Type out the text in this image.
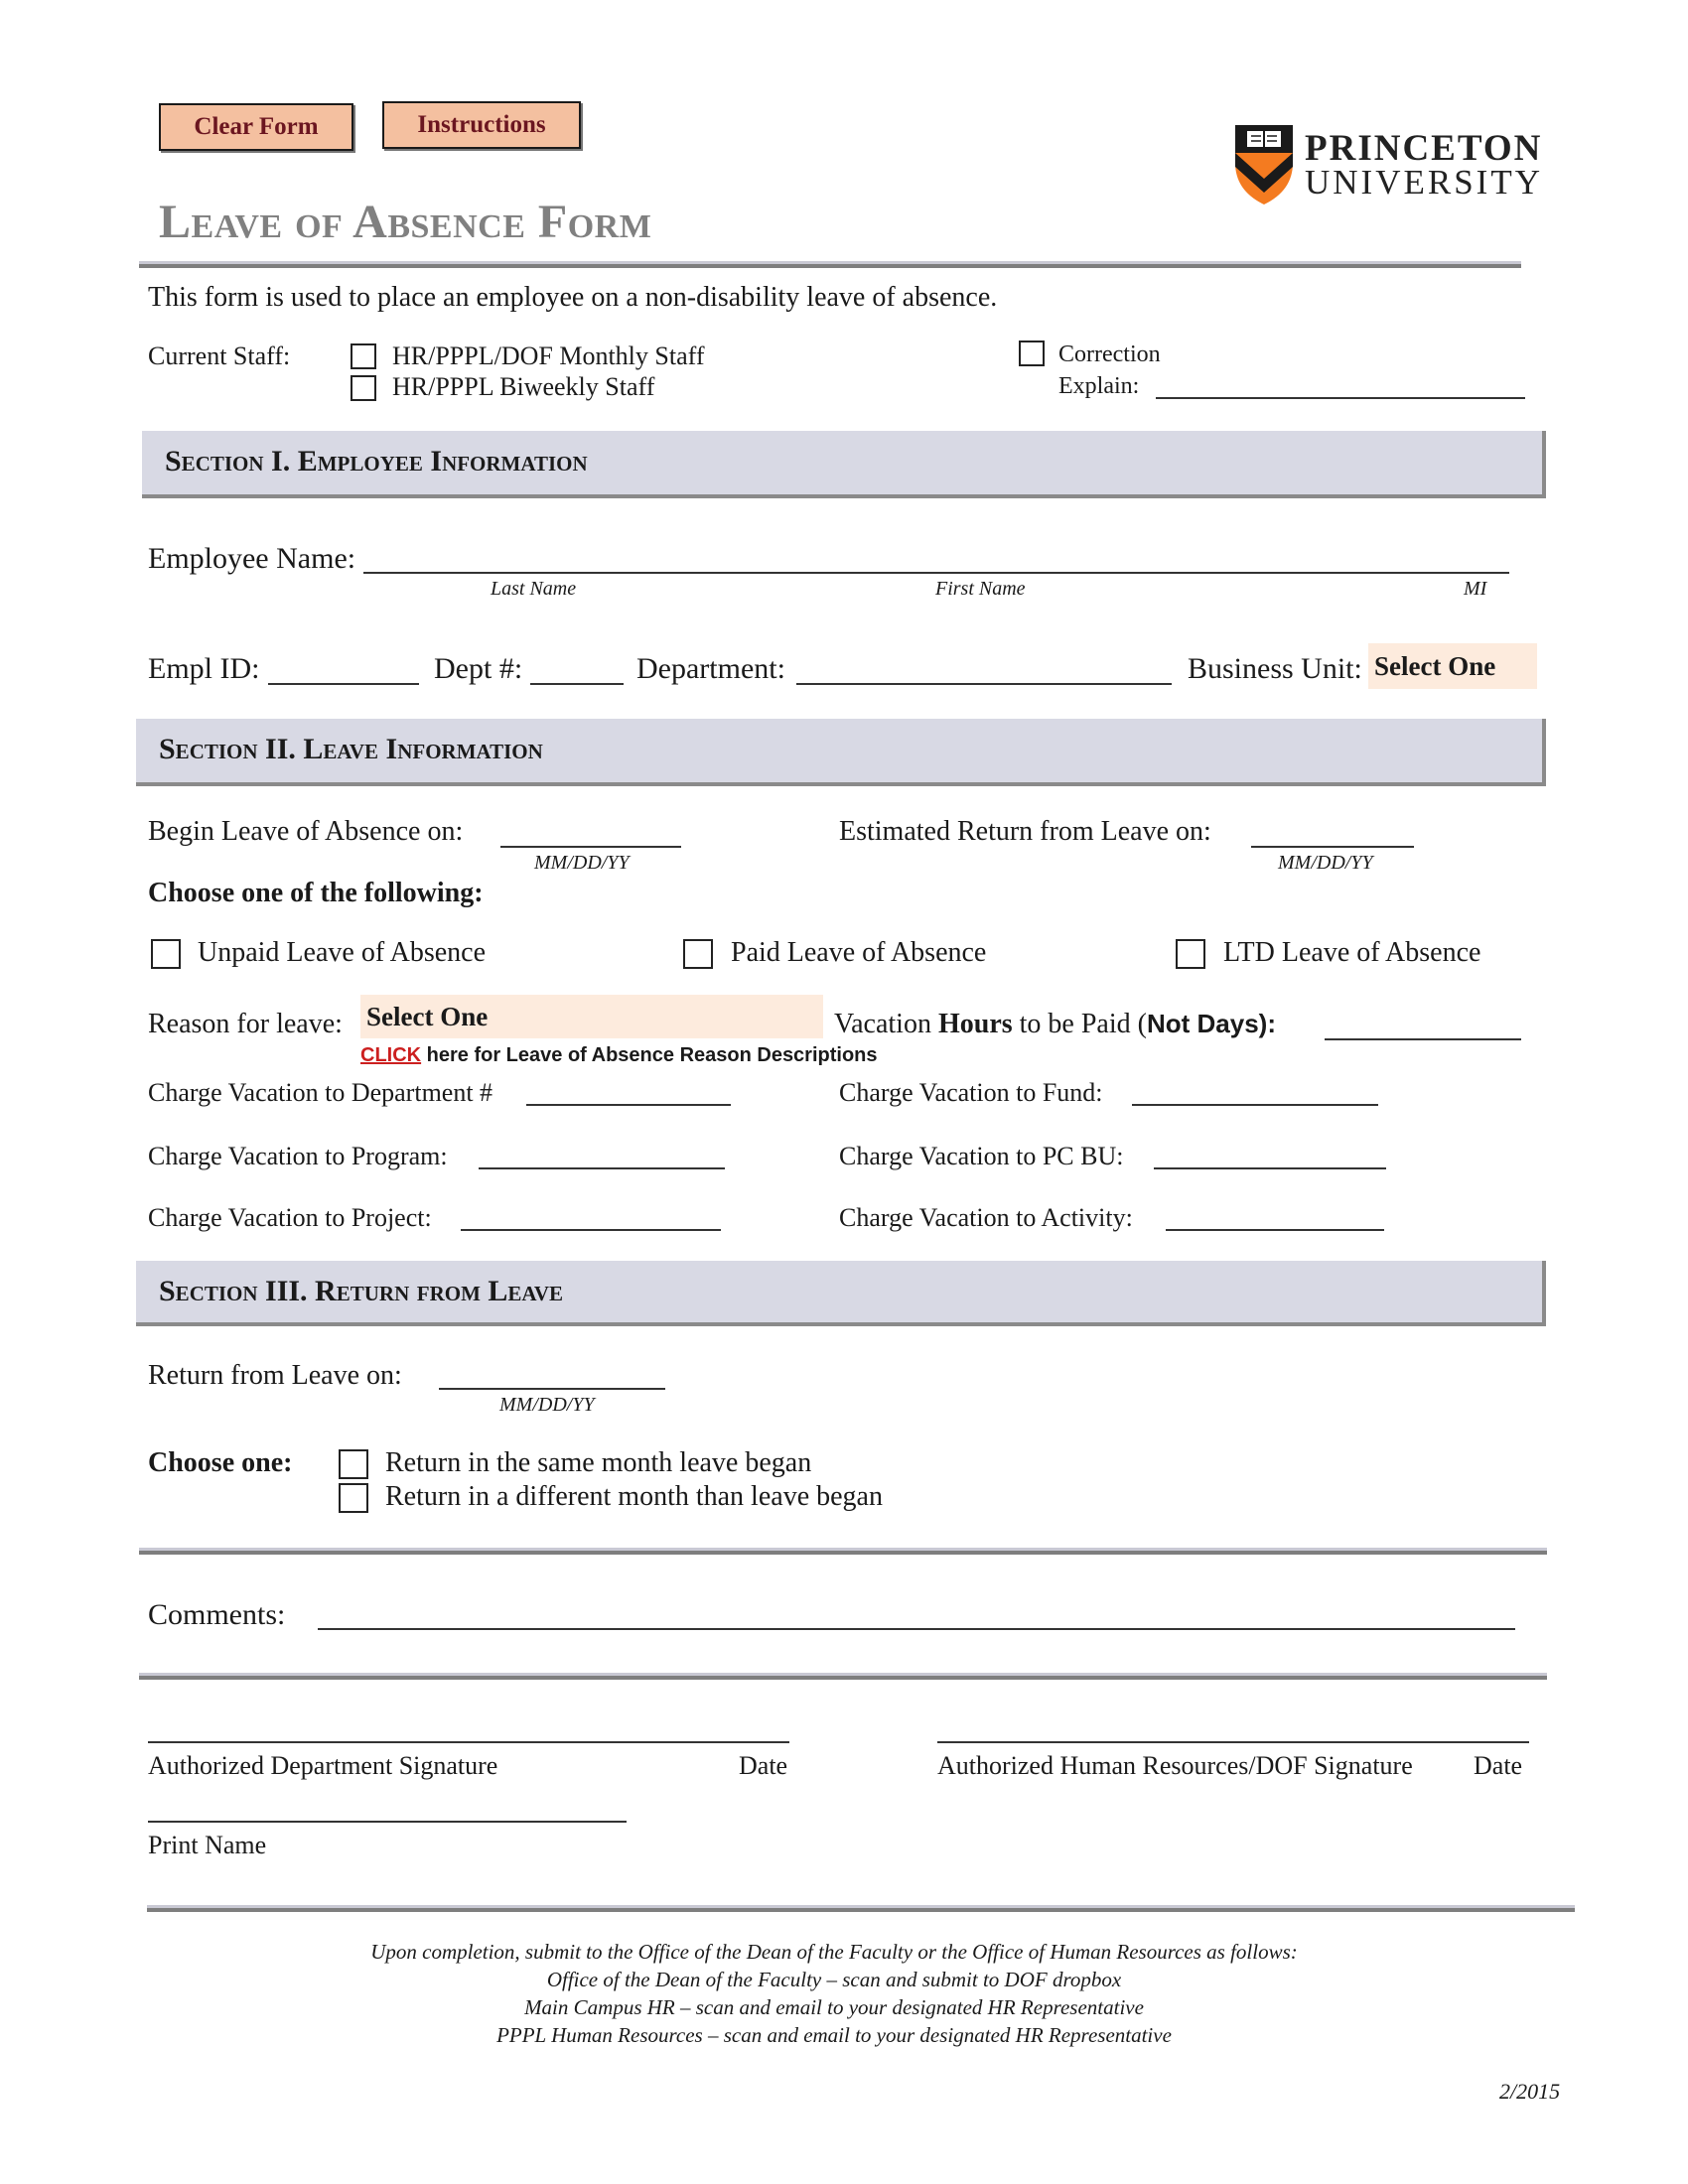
Clear Form	Instructions
PRINCETON
UNIVERSITY
Leave of Absence Form
This form is used to place an employee on a non-disability leave of absence.
Current Staff:	HR/PPPL/DOF Monthly Staff
HR/PPPL Biweekly Staff
Correction
Explain:
Section I. Employee Information
Employee Name:
Last Name	First Name	MI
Empl ID:	Dept #:	Department:	Business Unit: Select One
Section II. Leave Information
Begin Leave of Absence on:
MM/DD/YY
Estimated Return from Leave on:
MM/DD/YY
Choose one of the following:
Unpaid Leave of Absence	Paid Leave of Absence	LTD Leave of Absence
Reason for leave: Select One	Vacation Hours to be Paid (Not Days):
CLICK here for Leave of Absence Reason Descriptions
Charge Vacation to Department #	Charge Vacation to Fund:
Charge Vacation to Program:	Charge Vacation to PC BU:
Charge Vacation to Project:	Charge Vacation to Activity:
Section III. Return from Leave
Return from Leave on:
MM/DD/YY
Choose one:	Return in the same month leave began
Return in a different month than leave began
Comments:
Authorized Department Signature	Date	Authorized Human Resources/DOF Signature Date
Print Name
Upon completion, submit to the Office of the Dean of the Faculty or the Office of Human Resources as follows:
Office of the Dean of the Faculty – scan and submit to DOF dropbox
Main Campus HR – scan and email to your designated HR Representative
PPPL Human Resources – scan and email to your designated HR Representative
2/2015
